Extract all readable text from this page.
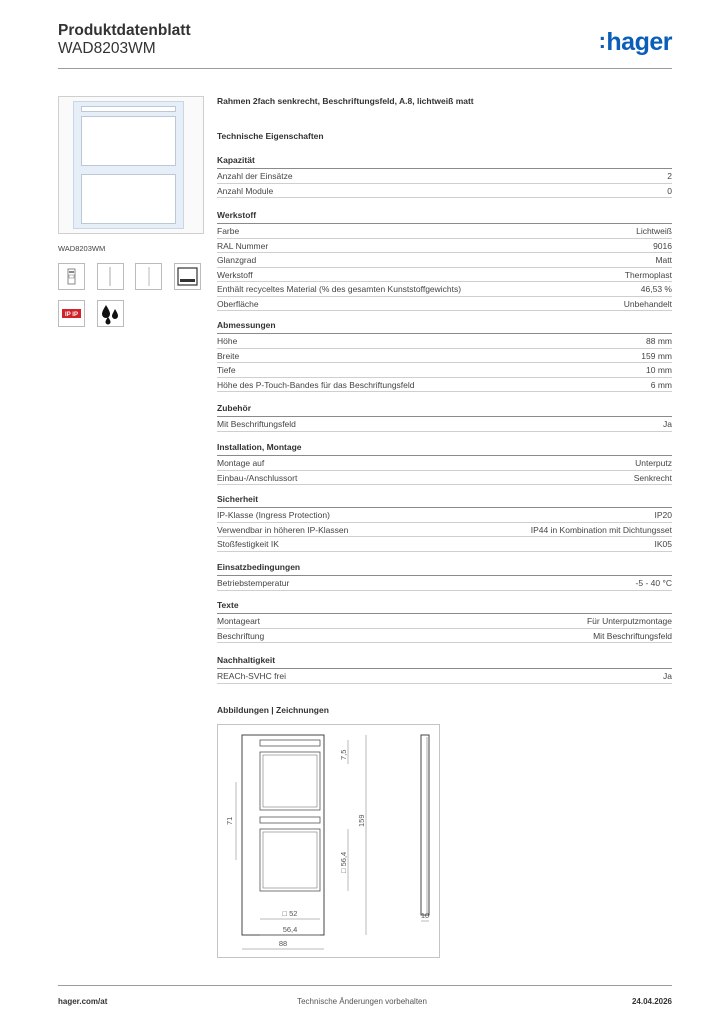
Produktdatenblatt
WAD8203WM	:hager
WAD8203WM
IP IP
Rahmen 2fach senkrecht, Beschriftungsfeld, A.8, lichtweiß matt
Technische Eigenschaften
Kapazität
Anzahl der Einsätze	2
Anzahl Module	0
Werkstoff
Farbe	Lichtweiß
RAL Nummer	9016
Glanzgrad	Matt
Werkstoff	Thermoplast
Enthält recyceltes Material (% des gesamten Kunststoffgewichts)	46,53 %
Oberfläche	Unbehandelt
Abmessungen
Höhe	88 mm
Breite	159 mm
Tiefe	10 mm
Höhe des P-Touch-Bandes für das Beschriftungsfeld	6 mm
Zubehör
Mit Beschriftungsfeld	Ja
Installation, Montage
Montage auf	Unterputz
Einbau-/Anschlussort	Senkrecht
Sicherheit
IP-Klasse (Ingress Protection)	IP20
Verwendbar in höheren IP-Klassen	IP44 in Kombination mit Dichtungsset
Stoßfestigkeit IK	IK05
Einsatzbedingungen
Betriebstemperatur	-5 - 40 °C
Texte
Montageart	Für Unterputzmontage
Beschriftung	Mit Beschriftungsfeld
Nachhaltigkeit
REACh-SVHC frei	Ja
Abbildungen | Zeichnungen
7,5
71	159
□ 56,4
□ 52
56,4
88
10
hager.com/at	Technische Änderungen vorbehalten	24.04.2026
